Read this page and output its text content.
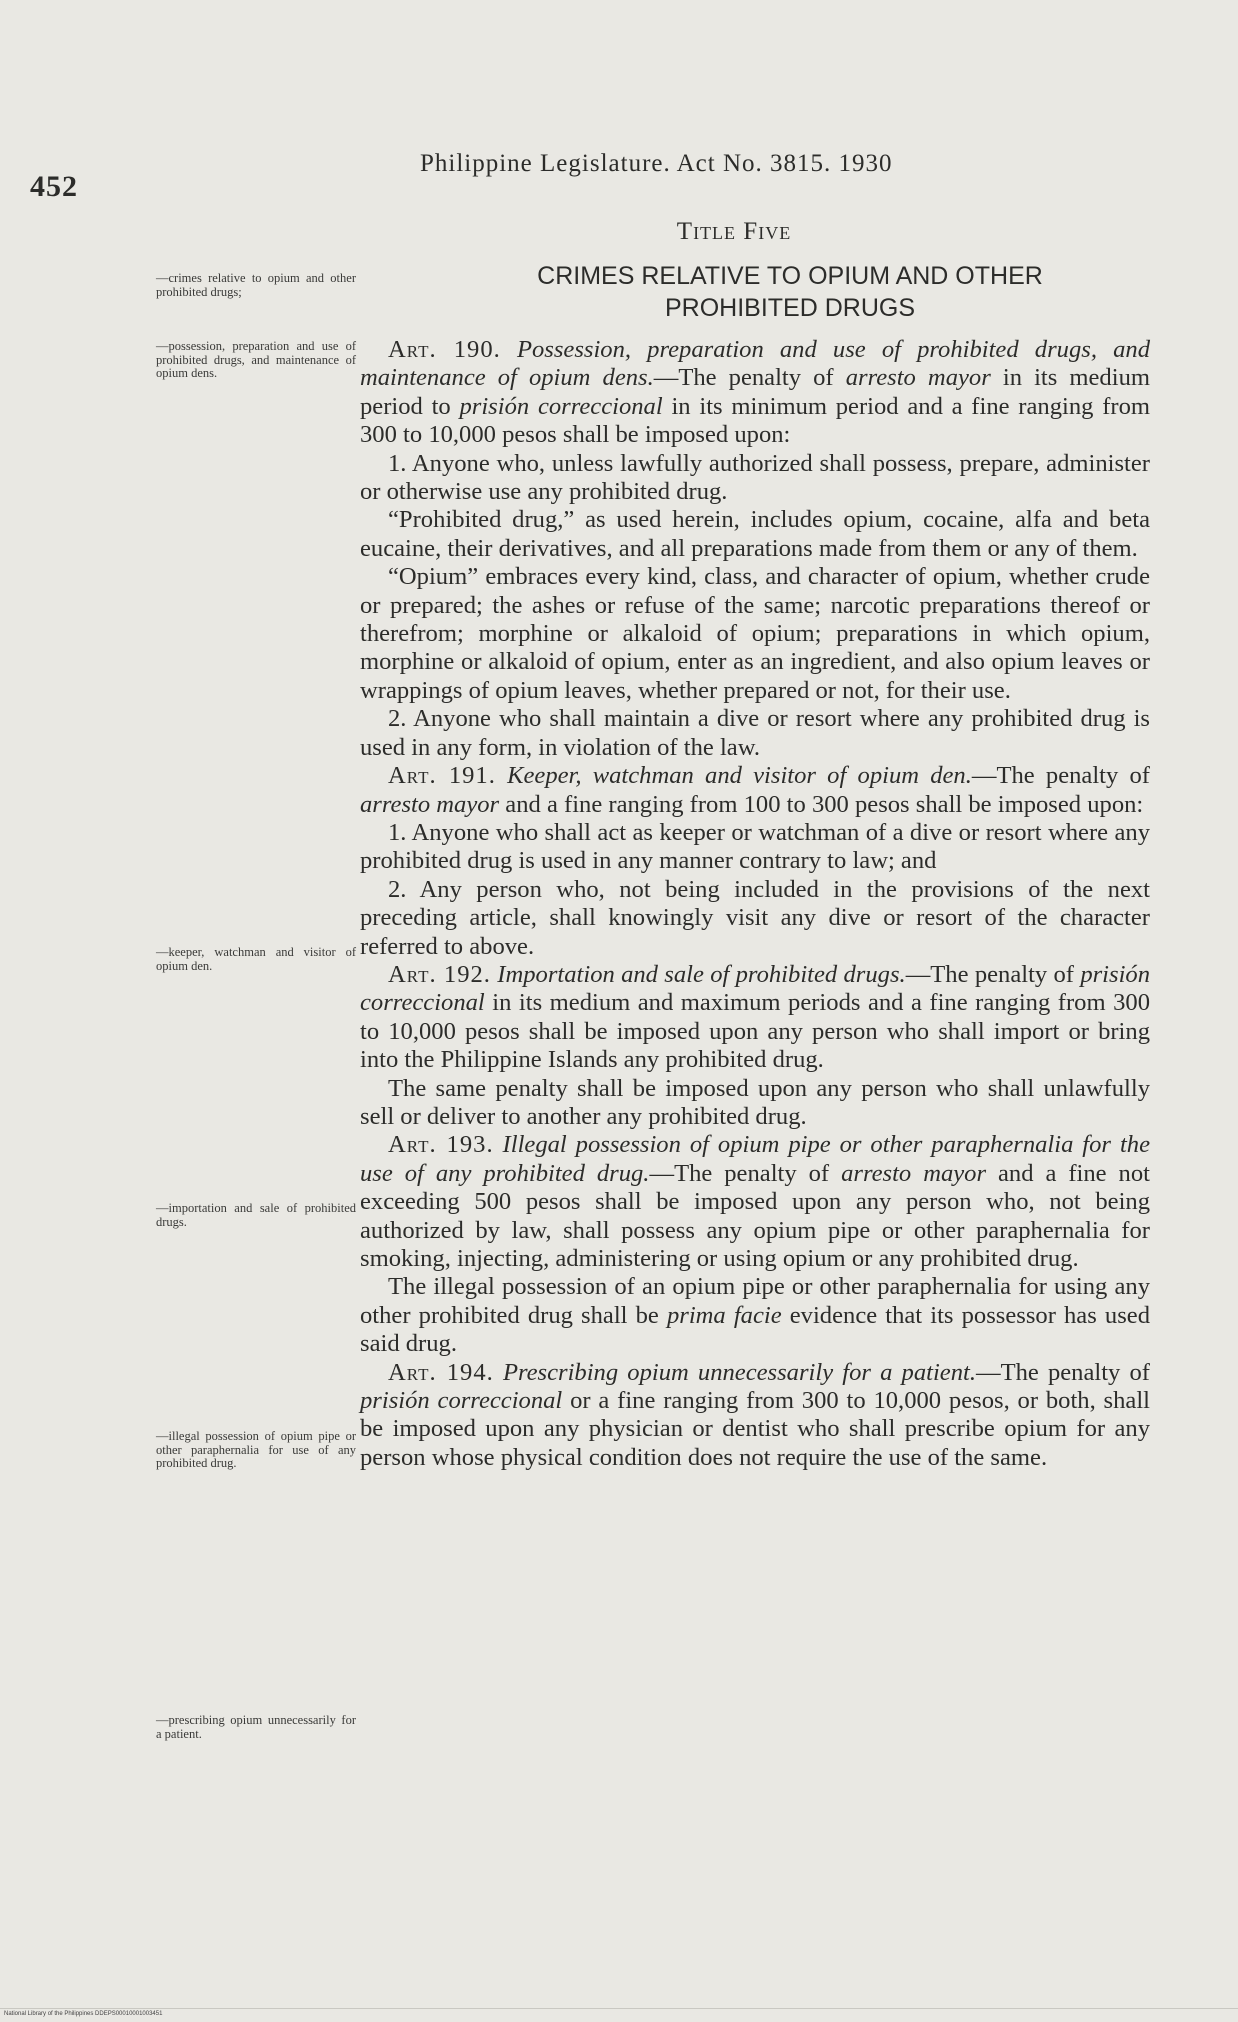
452
Philippine Legislature. Act No. 3815. 1930
Title Five
CRIMES RELATIVE TO OPIUM AND OTHER
PROHIBITED DRUGS
—crimes relative to opium and other prohibited drugs;
—possession, preparation and use of prohibited drugs, and maintenance of opium dens.
—keeper, watchman and visitor of opium den.
—importation and sale of prohibited drugs.
—illegal possession of opium pipe or other paraphernalia for use of any prohibited drug.
—prescribing opium unnecessarily for a patient.

Art. 190. Possession, preparation and use of prohibited drugs, and maintenance of opium dens.—The penalty of arresto mayor in its medium period to prisión correccional in its minimum period and a fine ranging from 300 to 10,000 pesos shall be imposed upon:

1. Anyone who, unless lawfully authorized shall possess, prepare, administer or otherwise use any prohibited drug.

“Prohibited drug,” as used herein, includes opium, cocaine, alfa and beta eucaine, their derivatives, and all preparations made from them or any of them.

“Opium” embraces every kind, class, and character of opium, whether crude or prepared; the ashes or refuse of the same; narcotic preparations thereof or therefrom; morphine or alkaloid of opium; preparations in which opium, morphine or alkaloid of opium, enter as an ingredient, and also opium leaves or wrappings of opium leaves, whether prepared or not, for their use.

2. Anyone who shall maintain a dive or resort where any prohibited drug is used in any form, in violation of the law.

Art. 191. Keeper, watchman and visitor of opium den.—The penalty of arresto mayor and a fine ranging from 100 to 300 pesos shall be imposed upon:

1. Anyone who shall act as keeper or watchman of a dive or resort where any prohibited drug is used in any manner contrary to law; and

2. Any person who, not being included in the provisions of the next preceding article, shall knowingly visit any dive or resort of the character referred to above.

Art. 192. Importation and sale of prohibited drugs.—The penalty of prisión correccional in its medium and maximum periods and a fine ranging from 300 to 10,000 pesos shall be imposed upon any person who shall import or bring into the Philippine Islands any prohibited drug.

The same penalty shall be imposed upon any person who shall unlawfully sell or deliver to another any prohibited drug.

Art. 193. Illegal possession of opium pipe or other paraphernalia for the use of any prohibited drug.—The penalty of arresto mayor and a fine not exceeding 500 pesos shall be imposed upon any person who, not being authorized by law, shall possess any opium pipe or other paraphernalia for smoking, injecting, administering or using opium or any prohibited drug.

The illegal possession of an opium pipe or other paraphernalia for using any other prohibited drug shall be prima facie evidence that its possessor has used said drug.

Art. 194. Prescribing opium unnecessarily for a patient.—The penalty of prisión correccional or a fine ranging from 300 to 10,000 pesos, or both, shall be imposed upon any physician or dentist who shall prescribe opium for any person whose physical condition does not require the use of the same.

National Library of the Philippines DDEPS00010001003451
